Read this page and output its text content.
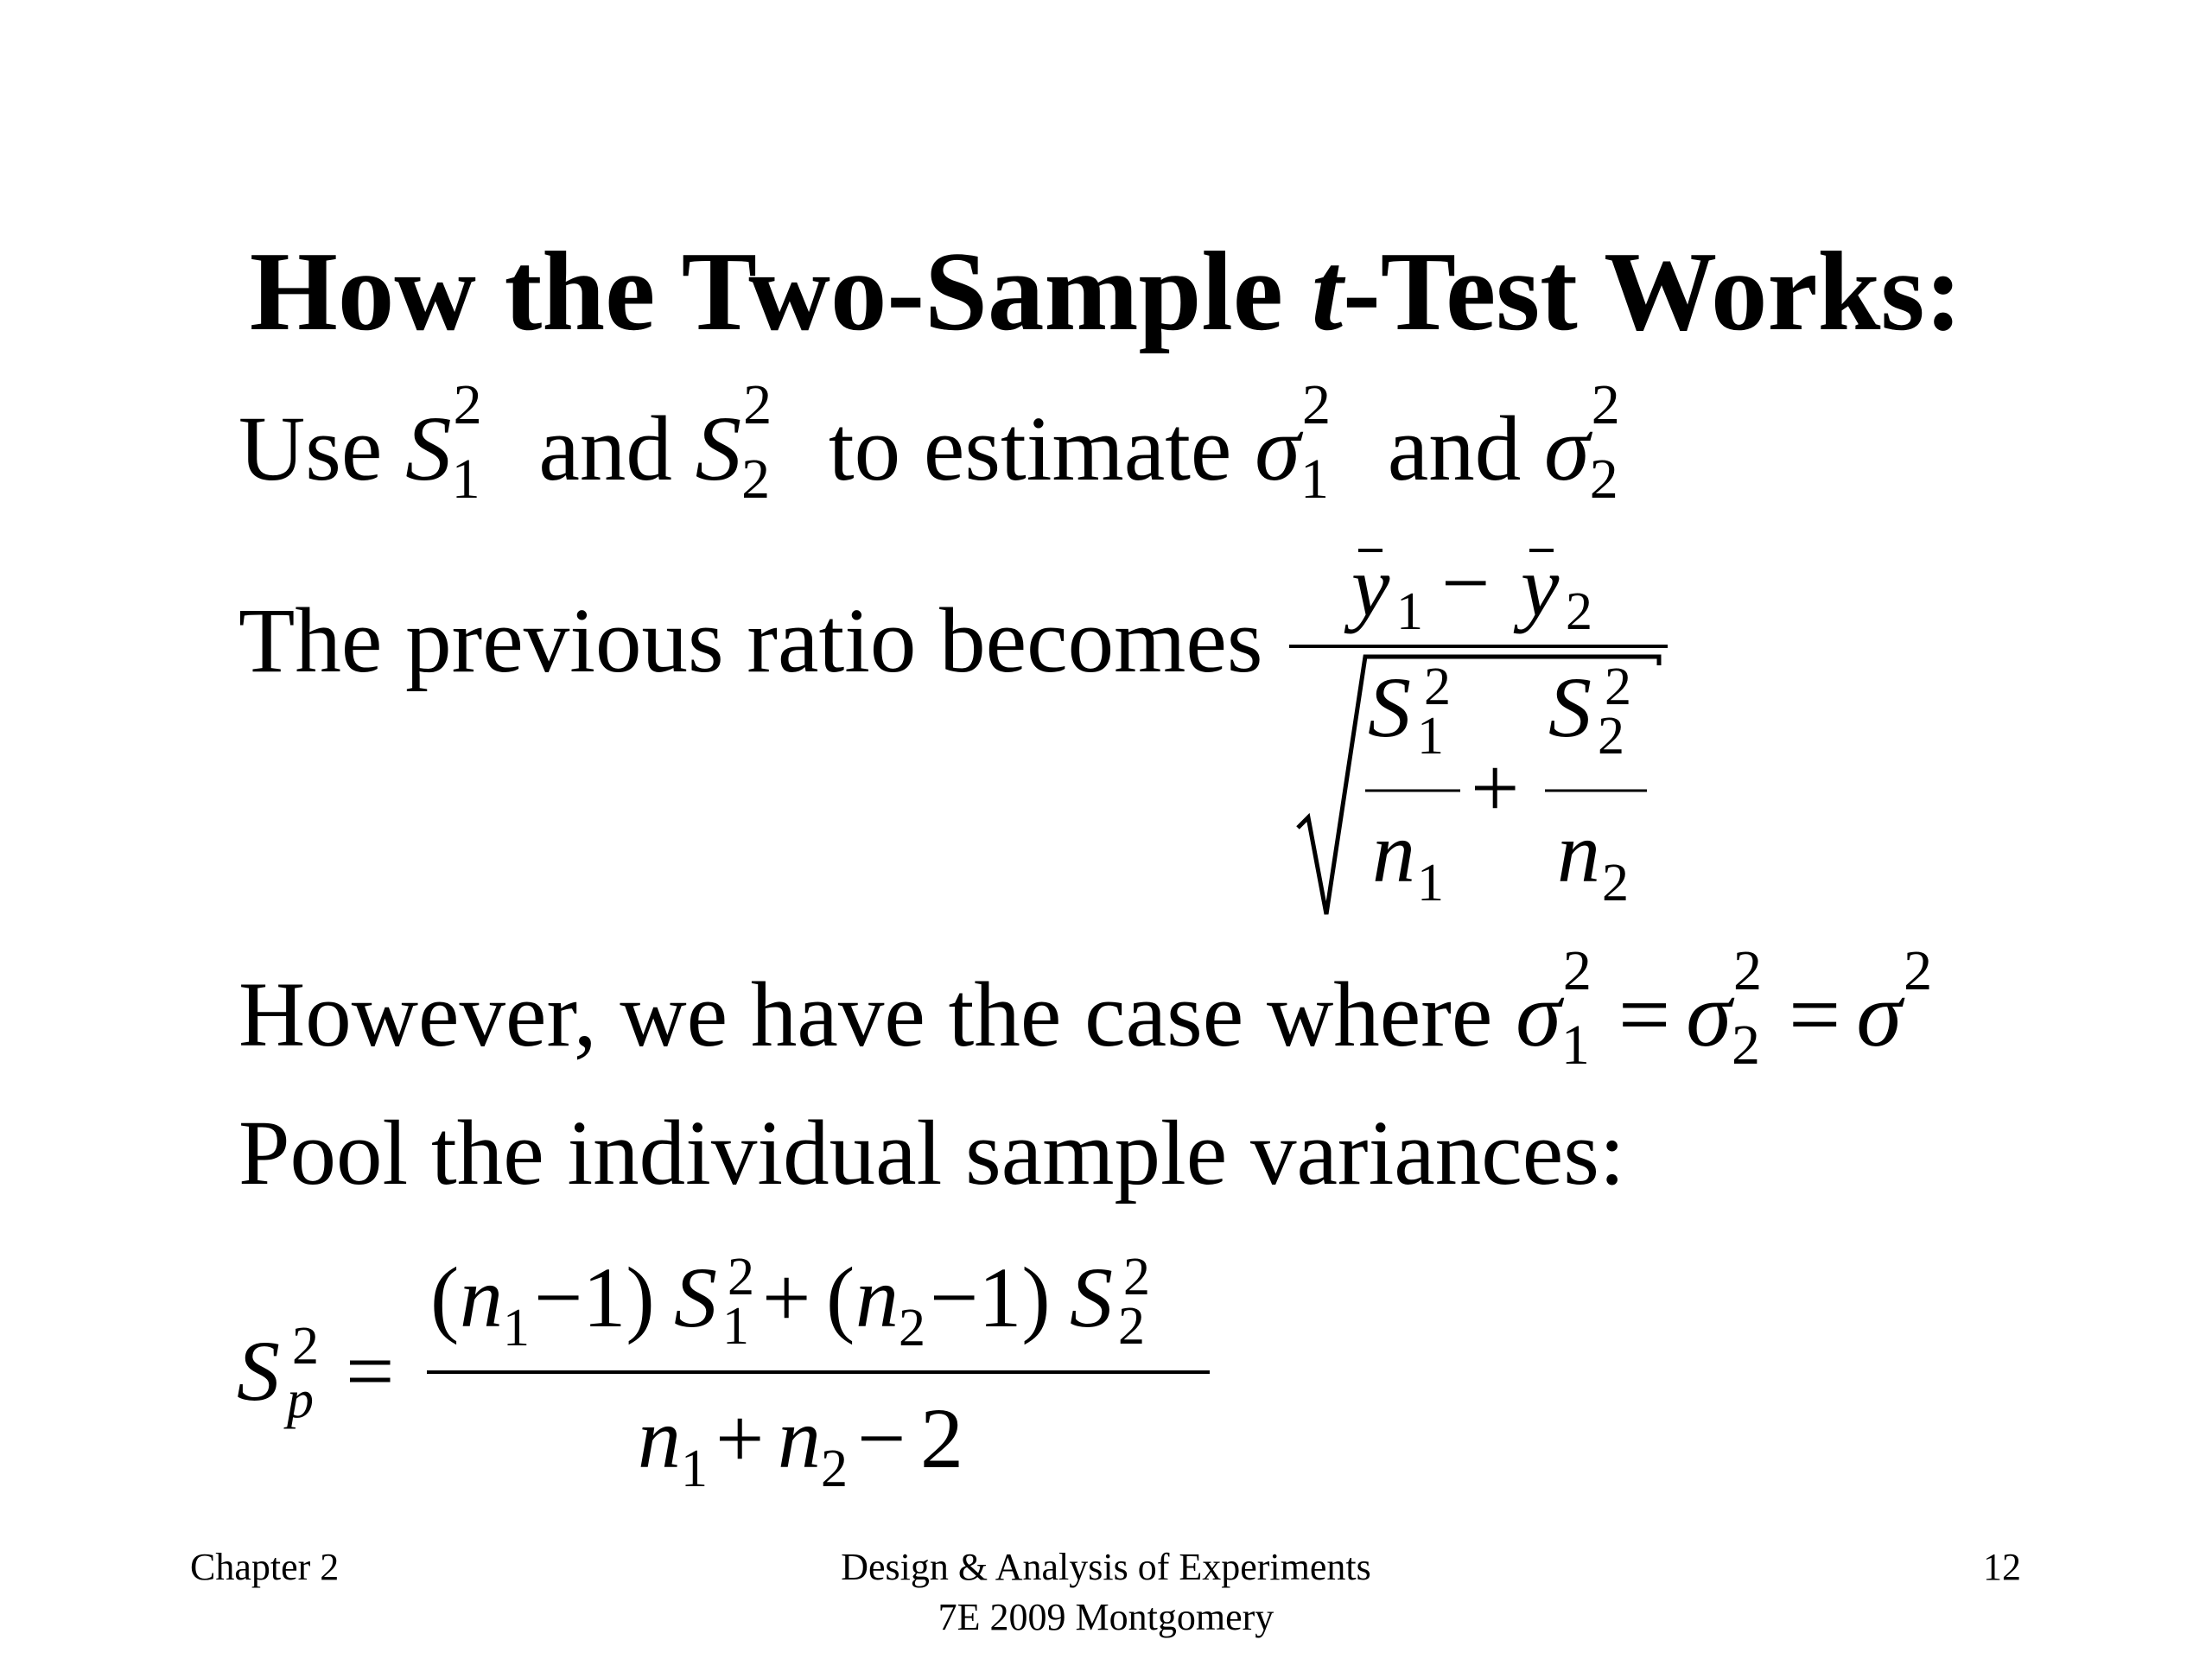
How the Two-Sample t-Test Works:
Use S 2
1 and S 2
2 to estimate σ 2
1 and σ 2
2
The previous ratio becomes
y 1 − y 2
S 2
1
n 1
+
S 2
2
n 2
However, we have the case where σ 2
1 = σ 2
2 = σ 2
Pool the individual sample variances:
S 2
p =
( n 1 −1) S 2
1 + ( n 2 −1) S 2
2
n 1 + n 2 − 2
Chapter 2	Design & Analysis of Experiments
7E 2009 Montgomery
12
